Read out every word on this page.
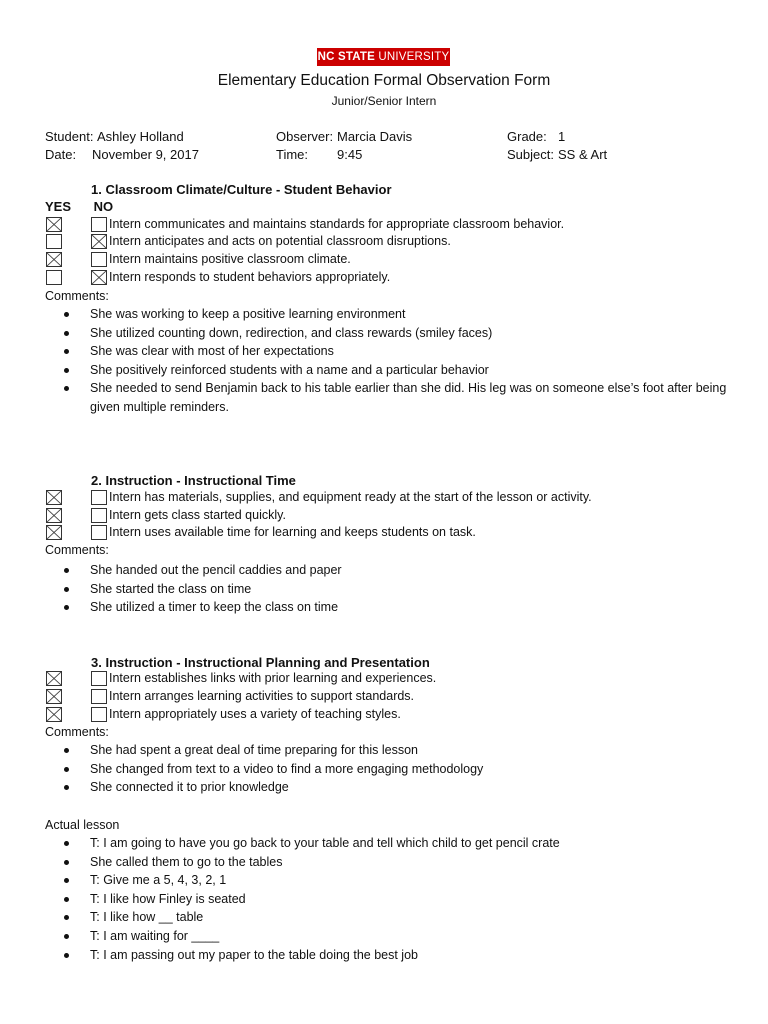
NC STATE UNIVERSITY
Elementary Education Formal Observation Form
Junior/Senior Intern
Student: Ashley Holland
Date: November 9, 2017
Observer: Marcia Davis
Time: 9:45
Grade: 1
Subject: SS & Art
1. Classroom Climate/Culture - Student Behavior
YES NO
Intern communicates and maintains standards for appropriate classroom behavior.
Intern anticipates and acts on potential classroom disruptions.
Intern maintains positive classroom climate.
Intern responds to student behaviors appropriately.
Comments:
She was working to keep a positive learning environment
She utilized counting down, redirection, and class rewards (smiley faces)
She was clear with most of her expectations
She positively reinforced students with a name and a particular behavior
She needed to send Benjamin back to his table earlier than she did. His leg was on someone else’s foot after being given multiple reminders.
2. Instruction - Instructional Time
Intern has materials, supplies, and equipment ready at the start of the lesson or activity.
Intern gets class started quickly.
Intern uses available time for learning and keeps students on task.
Comments:
She handed out the pencil caddies and paper
She started the class on time
She utilized a timer to keep the class on time
3. Instruction - Instructional Planning and Presentation
Intern establishes links with prior learning and experiences.
Intern arranges learning activities to support standards.
Intern appropriately uses a variety of teaching styles.
Comments:
She had spent a great deal of time preparing for this lesson
She changed from text to a video to find a more engaging methodology
She connected it to prior knowledge
Actual lesson
T: I am going to have you go back to your table and tell which child to get pencil crate
She called them to go to the tables
T: Give me a 5, 4, 3, 2, 1
T: I like how Finley is seated
T: I like how __ table
T: I am waiting for ____
T: I am passing out my paper to the table doing the best job
